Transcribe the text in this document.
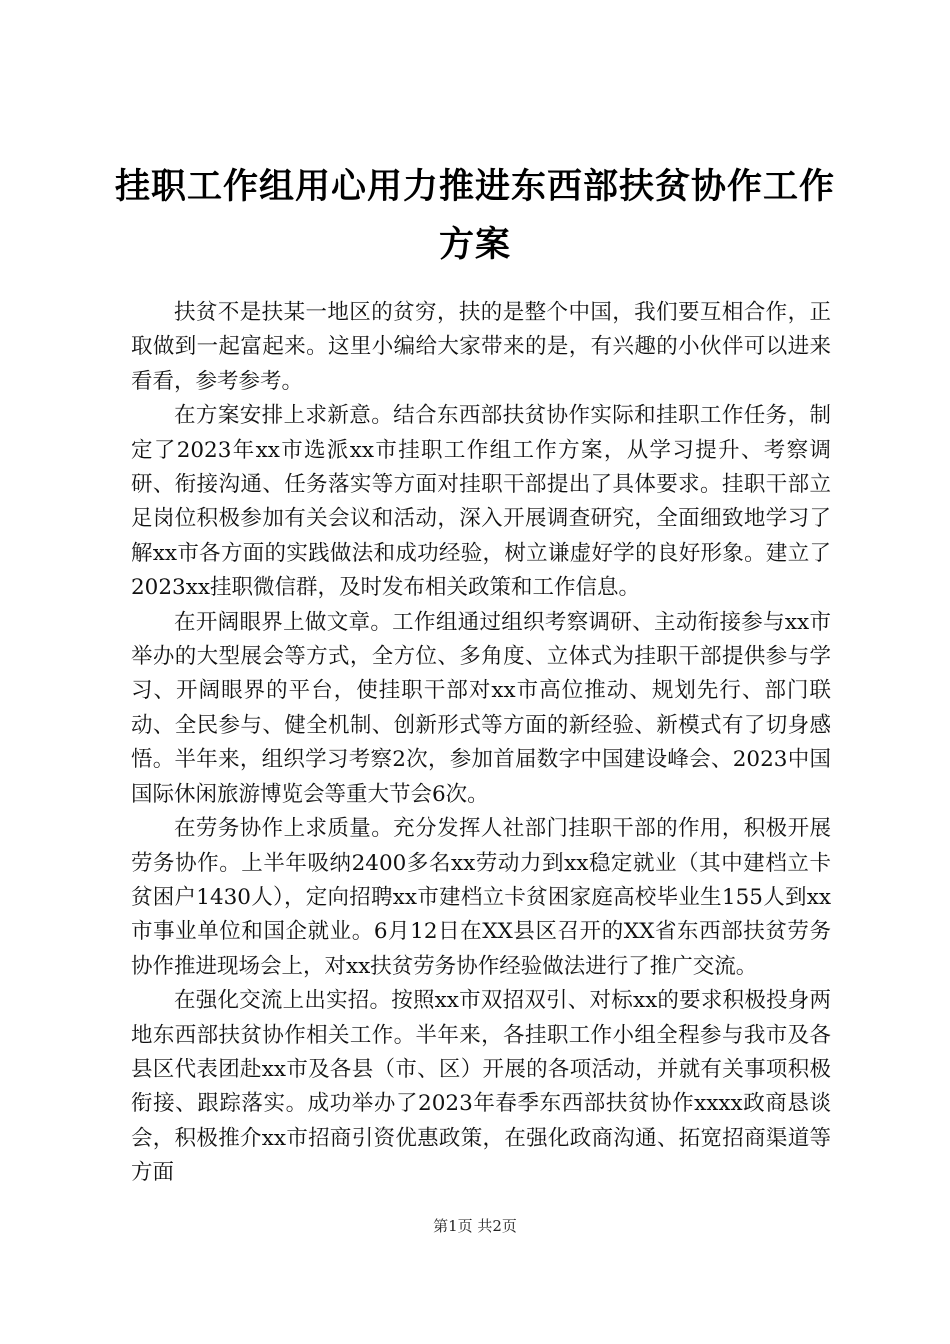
挂职工作组用心用力推进东西部扶贫协作工作方案

扶贫不是扶某一地区的贫穷，扶的是整个中国，我们要互相合作，正取做到一起富起来。这里小编给大家带来的是，有兴趣的小伙伴可以进来看看，参考参考。

在方案安排上求新意。结合东西部扶贫协作实际和挂职工作任务，制定了2023年xx市选派xx市挂职工作组工作方案，从学习提升、考察调研、衔接沟通、任务落实等方面对挂职干部提出了具体要求。挂职干部立足岗位积极参加有关会议和活动，深入开展调查研究，全面细致地学习了解xx市各方面的实践做法和成功经验，树立谦虚好学的良好形象。建立了2023xx挂职微信群，及时发布相关政策和工作信息。

在开阔眼界上做文章。工作组通过组织考察调研、主动衔接参与xx市举办的大型展会等方式，全方位、多角度、立体式为挂职干部提供参与学习、开阔眼界的平台，使挂职干部对xx市高位推动、规划先行、部门联动、全民参与、健全机制、创新形式等方面的新经验、新模式有了切身感悟。半年来，组织学习考察2次，参加首届数字中国建设峰会、2023中国国际休闲旅游博览会等重大节会6次。

在劳务协作上求质量。充分发挥人社部门挂职干部的作用，积极开展劳务协作。上半年吸纳2400多名xx劳动力到xx稳定就业（其中建档立卡贫困户1430人），定向招聘xx市建档立卡贫困家庭高校毕业生155人到xx市事业单位和国企就业。6月12日在XX县区召开的XX省东西部扶贫劳务协作推进现场会上，对xx扶贫劳务协作经验做法进行了推广交流。

在强化交流上出实招。按照xx市双招双引、对标xx的要求积极投身两地东西部扶贫协作相关工作。半年来，各挂职工作小组全程参与我市及各县区代表团赴xx市及各县（市、区）开展的各项活动，并就有关事项积极衔接、跟踪落实。成功举办了2023年春季东西部扶贫协作xxxx政商恳谈会，积极推介xx市招商引资优惠政策，在强化政商沟通、拓宽招商渠道等方面

第1页 共2页
